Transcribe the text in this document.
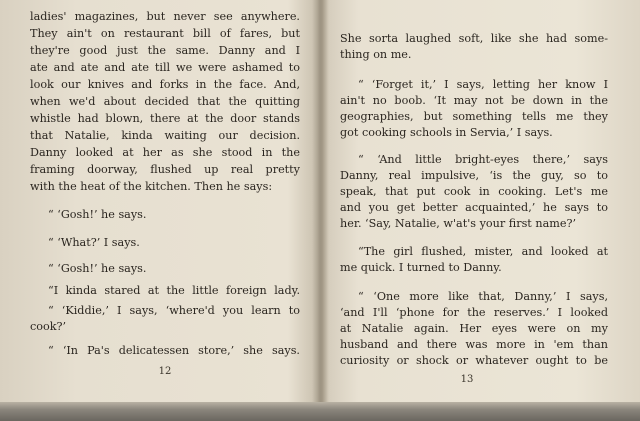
ladies' magazines, but never see anywhere.
They ain't on restaurant bill of fares, but
they're good just the same. Danny and I
ate and ate and ate till we were ashamed to
look our knives and forks in the face. And,
when we'd about decided that the quitting
whistle had blown, there at the door stands
that Natalie, kinda waiting our decision.
Danny looked at her as she stood in the
framing doorway, flushed up real pretty
with the heat of the kitchen. Then he says:
“ ‘Gosh!’ he says.
“ ‘What?’ I says.
“ ‘Gosh!’ he says.
“I kinda stared at the little foreign lady.
“ ‘Kiddie,’ I says, ‘where'd you learn to
cook?’
“ ‘In Pa's delicatessen store,’ she says.
12
She sorta laughed soft, like she had some-
thing on me.
“ ‘Forget it,’ I says, letting her know I
ain't no boob. ‘It may not be down in the
geographies, but something tells me they
got cooking schools in Servia,’ I says.
“ ‘And little bright-eyes there,’ says
Danny, real impulsive, ‘is the guy, so to
speak, that put cook in cooking. Let's me
and you get better acquainted,’ he says to
her. ‘Say, Natalie, w'at's your first name?’
“The girl flushed, mister, and looked at
me quick. I turned to Danny.
“ ‘One more like that, Danny,’ I says,
‘and I'll ‘phone for the reserves.’ I looked
at Natalie again. Her eyes were on my
husband and there was more in 'em than
curiosity or shock or whatever ought to be
13
